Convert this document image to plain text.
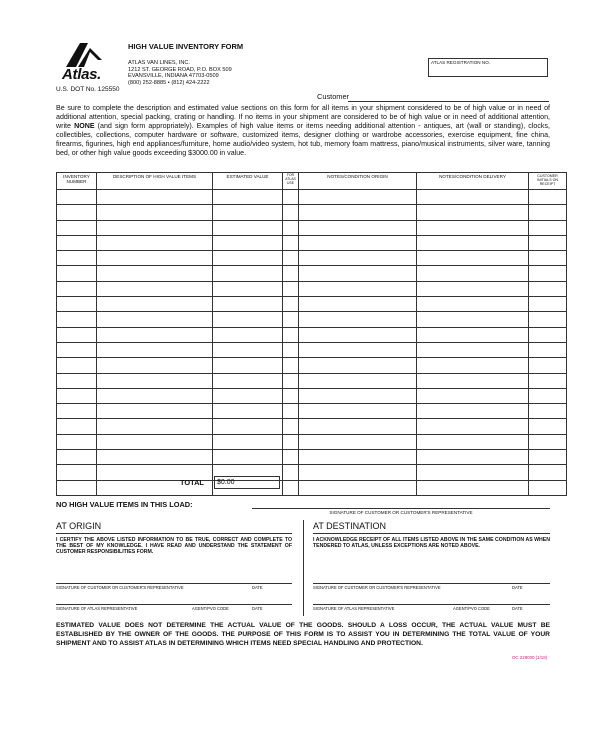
Atlas.
U.S. DOT No. 125550
HIGH VALUE INVENTORY FORM
ATLAS VAN LINES, INC.
1212 ST. GEORGE ROAD, P.O. BOX 509
EVANSVILLE, INDIANA 47703-0509
(800) 252-8885 • (812) 424-2222
ATLAS REGISTRATION NO.
Customer
Be sure to complete the description and estimated value sections on this form for all items in your shipment considered to be of high value or in need of additional attention, special packing, crating or handling. If no items in your shipment are considered to be of high value or in need of additional attention, write NONE (and sign form appropriately). Examples of high value items or items needing additional attention - antiques, art (wall or standing), clocks, collectibles, collections, computer hardware or software, customized items, designer clothing or wardrobe accessories, exercise equipment, fine china, firearms, figurines, high end appliances/furniture, home audio/video system, hot tub, memory foam mattress, piano/musical instruments, silver ware, tanning bed, or other high value goods exceeding $3000.00 in value.
INVENTORY NUMBER	DESCRIPTION OF HIGH VALUE ITEMS	ESTIMATED VALUE	FOR ATLAS USE	NOTES/CONDITION ORIGIN	NOTES/CONDITION DELIVERY	CUSTOMER INITIALS ON RECEIPT

TOTAL	$0.00
NO HIGH VALUE ITEMS IN THIS LOAD:
SIGNATURE OF CUSTOMER OR CUSTOMER'S REPRESENTATIVE
AT ORIGIN
I CERTIFY THE ABOVE LISTED INFORMATION TO BE TRUE, CORRECT AND COMPLETE TO THE BEST OF MY KNOWLEDGE. I HAVE READ AND UNDERSTAND THE STATEMENT OF CUSTOMER RESPONSIBILITIES FORM.
SIGNATURE OF CUSTOMER OR CUSTOMER'S REPRESENTATIVE	DATE
SIGNATURE OF ATLAS REPRESENTATIVE	AGENT/PVO CODE	DATE
AT DESTINATION
I ACKNOWLEDGE RECEIPT OF ALL ITEMS LISTED ABOVE IN THE SAME CONDITION AS WHEN TENDERED TO ATLAS, UNLESS EXCEPTIONS ARE NOTED ABOVE.
SIGNATURE OF CUSTOMER OR CUSTOMER'S REPRESENTATIVE	DATE
SIGNATURE OF ATLAS REPRESENTATIVE	AGENT/PVO CODE	DATE
ESTIMATED VALUE DOES NOT DETERMINE THE ACTUAL VALUE OF THE GOODS. SHOULD A LOSS OCCUR, THE ACTUAL VALUE MUST BE ESTABLISHED BY THE OWNER OF THE GOODS. THE PURPOSE OF THIS FORM IS TO ASSIST YOU IN DETERMINING THE TOTAL VALUE OF YOUR SHIPMENT AND TO ASSIST ATLAS IN DETERMINING WHICH ITEMS NEED SPECIAL HANDLING AND PROTECTION.
OC 228000 (1/18)
